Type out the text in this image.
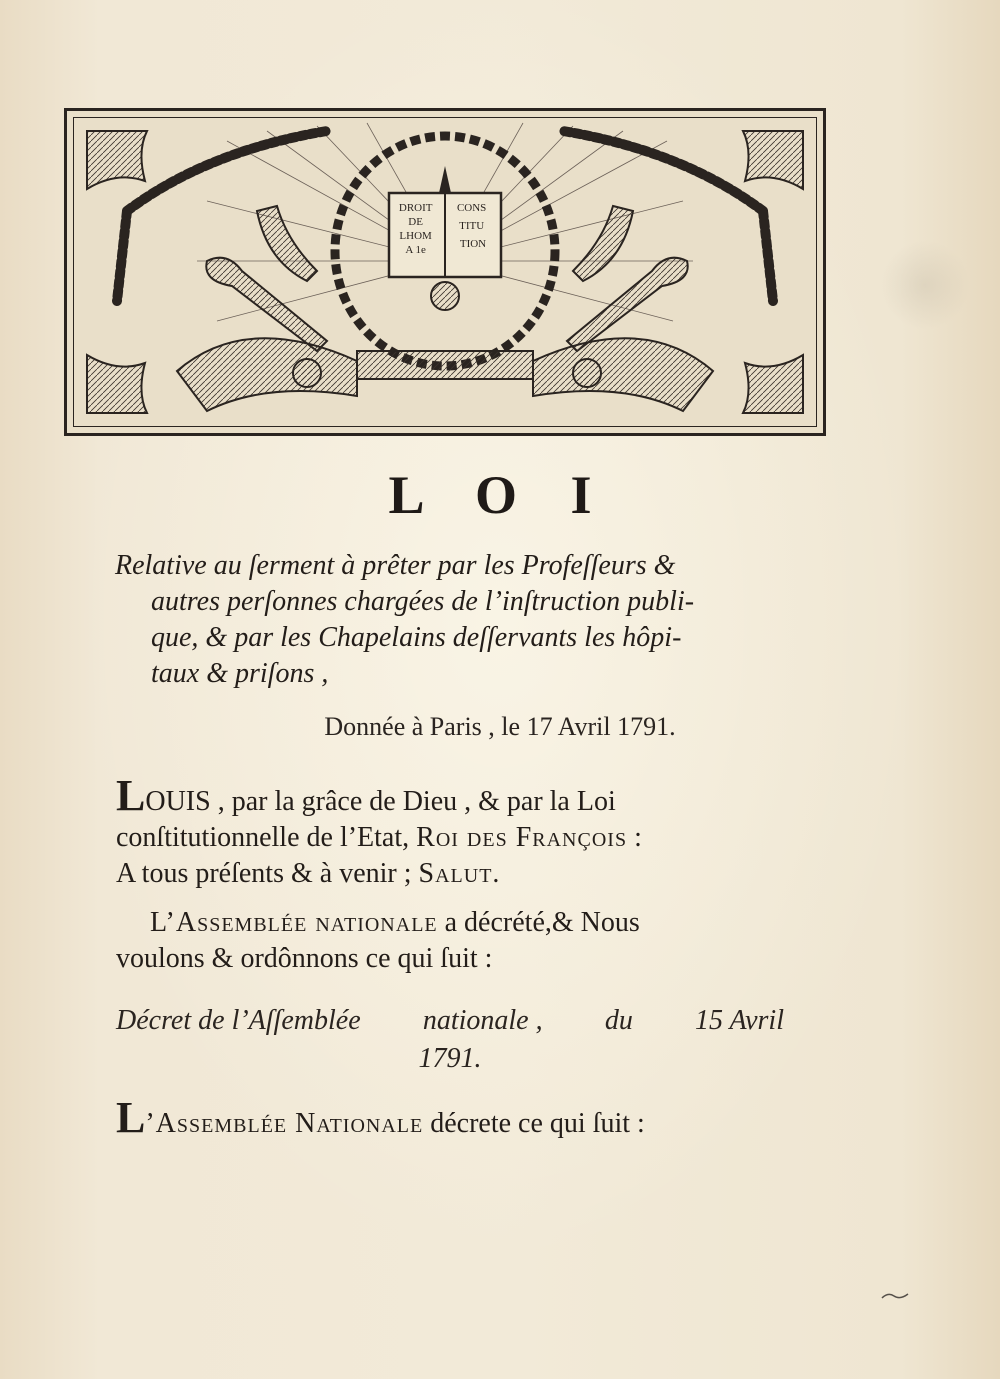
DROIT DE LHOM A 1e CONS TITU TION
L O I
Relative au ſerment à prêter par les Profeſſeurs &
autres perſonnes chargées de l’inſtruction publi-
que, & par les Chapelains deſſervants les hôpi-
taux & priſons ,
Donnée à Paris , le 17 Avril 1791.
LOUIS , par la grâce de Dieu , & par la Loi
conſtitutionnelle de l’Etat, Roi des François :
A tous préſents & à venir ; Salut.
L’Assemblée nationale a décrété,& Nous
voulons & ordônnons ce qui ſuit :
Décret de l’Aſſemblée nationale , du 15 Avril
1791.
L’Assemblée Nationale décrete ce qui ſuit :
